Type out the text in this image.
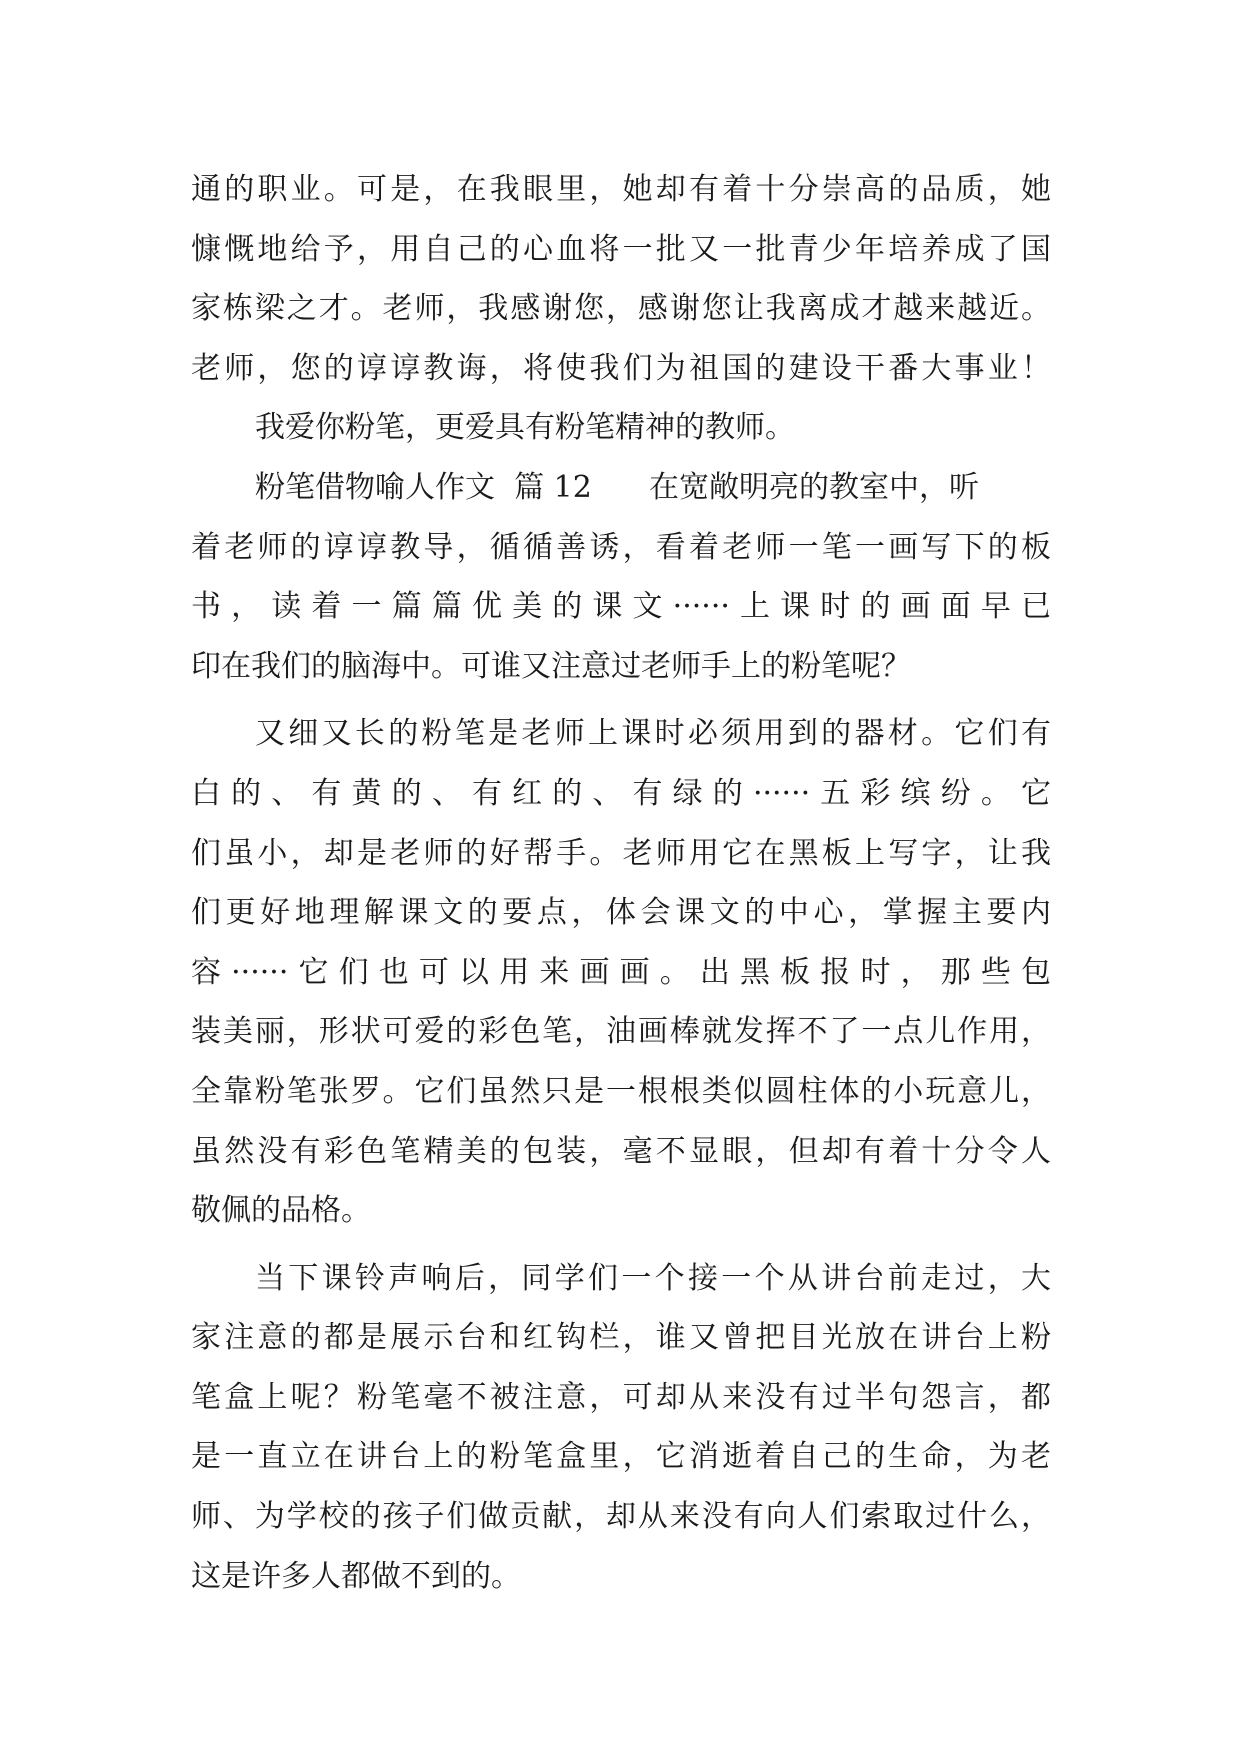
通的职业。可是，在我眼里，她却有着十分崇高的品质，她
慷慨地给予，用自己的心血将一批又一批青少年培养成了国
家栋梁之才。老师，我感谢您，感谢您让我离成才越来越近。
老师，您的谆谆教诲，将使我们为祖国的建设干番大事业！
我爱你粉笔，更爱具有粉笔精神的教师。
粉笔借物喻人作文  篇 12      在宽敞明亮的教室中，听
着老师的谆谆教导，循循善诱，看着老师一笔一画写下的板
书，读着一篇篇优美的课文······上课时的画面早已
印在我们的脑海中。可谁又注意过老师手上的粉笔呢？
又细又长的粉笔是老师上课时必须用到的器材。它们有
白的、有黄的、有红的、有绿的······五彩缤纷。它
们虽小，却是老师的好帮手。老师用它在黑板上写字，让我
们更好地理解课文的要点，体会课文的中心，掌握主要内
容······它们也可以用来画画。出黑板报时，那些包
装美丽，形状可爱的彩色笔，油画棒就发挥不了一点儿作用，
全靠粉笔张罗。它们虽然只是一根根类似圆柱体的小玩意儿，
虽然没有彩色笔精美的包装，毫不显眼，但却有着十分令人
敬佩的品格。
当下课铃声响后，同学们一个接一个从讲台前走过，大
家注意的都是展示台和红钩栏，谁又曾把目光放在讲台上粉
笔盒上呢？粉笔毫不被注意，可却从来没有过半句怨言，都
是一直立在讲台上的粉笔盒里，它消逝着自己的生命，为老
师、为学校的孩子们做贡献，却从来没有向人们索取过什么，
这是许多人都做不到的。
